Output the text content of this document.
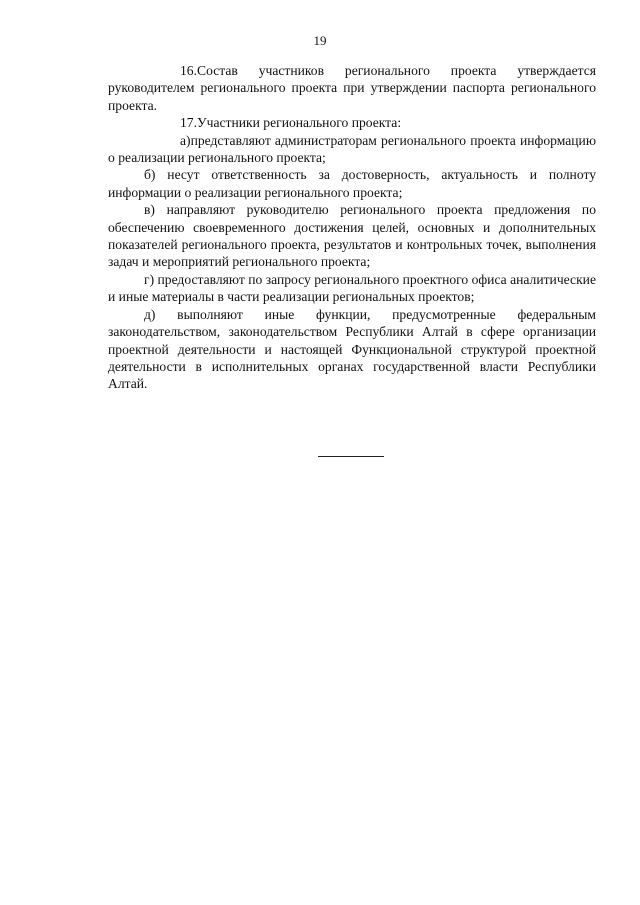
19

16.Состав участников регионального проекта утверждается руководителем регионального проекта при утверждении паспорта регионального проекта.

17.Участники регионального проекта:

а)представляют администраторам регионального проекта информацию о реализации регионального проекта;

б) несут ответственность за достоверность, актуальность и полноту информации о реализации регионального проекта;

в) направляют руководителю регионального проекта предложения по обеспечению своевременного достижения целей, основных и дополнительных показателей регионального проекта, результатов и контрольных точек, выполнения задач и мероприятий регионального проекта;

г) предоставляют по запросу регионального проектного офиса аналитические и иные материалы в части реализации региональных проектов;

д) выполняют иные функции, предусмотренные федеральным законодательством, законодательством Республики Алтай в сфере организации проектной деятельности и настоящей Функциональной структурой проектной деятельности в исполнительных органах государственной власти Республики Алтай.
